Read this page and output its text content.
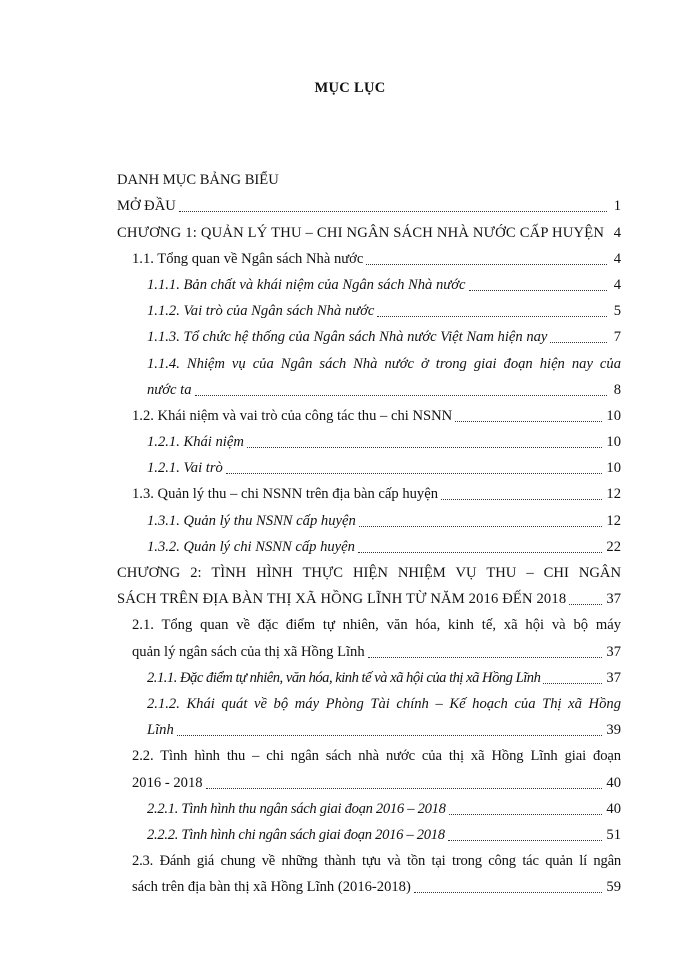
MỤC LỤC
DANH MỤC BẢNG BIỂU
MỞ ĐẦU	1
CHƯƠNG 1: QUẢN LÝ THU – CHI NGÂN SÁCH NHÀ NƯỚC CẤP HUYỆN 4
1.1. Tổng quan về Ngân sách Nhà nước	4
1.1.1. Bản chất và khái niệm của Ngân sách Nhà nước	4
1.1.2. Vai trò của Ngân sách Nhà nước	5
1.1.3. Tổ chức hệ thống của Ngân sách Nhà nước Việt Nam hiện nay	7
1.1.4. Nhiệm vụ của Ngân sách Nhà nước ở trong giai đoạn hiện nay của
nước ta	8
1.2. Khái niệm và vai trò của công tác thu – chi NSNN	10
1.2.1. Khái niệm	10
1.2.1. Vai trò	10
1.3. Quản lý thu – chi NSNN trên địa bàn cấp huyện	12
1.3.1. Quản lý thu NSNN cấp huyện	12
1.3.2. Quản lý chi NSNN cấp huyện	22
CHƯƠNG 2: TÌNH HÌNH THỰC HIỆN NHIỆM VỤ THU – CHI NGÂN
SÁCH TRÊN ĐỊA BÀN THỊ XÃ HỒNG LĨNH TỪ NĂM 2016 ĐẾN 2018	37
2.1. Tổng quan về đặc điểm tự nhiên, văn hóa, kinh tế, xã hội và bộ máy
quản lý ngân sách của thị xã Hồng Lĩnh	37
2.1.1. Đặc điểm tự nhiên, văn hóa, kinh tế và xã hội của thị xã Hồng Lĩnh	37
2.1.2. Khái quát về bộ máy Phòng Tài chính – Kế hoạch của Thị xã Hồng
Lĩnh	39
2.2. Tình hình thu – chi ngân sách nhà nước của thị xã Hồng Lĩnh giai đoạn
2016 - 2018	40
2.2.1. Tình hình thu ngân sách giai đoạn 2016 – 2018	40
2.2.2. Tình hình chi ngân sách giai đoạn 2016 – 2018	51
2.3. Đánh giá chung về những thành tựu và tồn tại trong công tác quản lí ngân
sách trên địa bàn thị xã Hồng Lĩnh (2016-2018)	59
